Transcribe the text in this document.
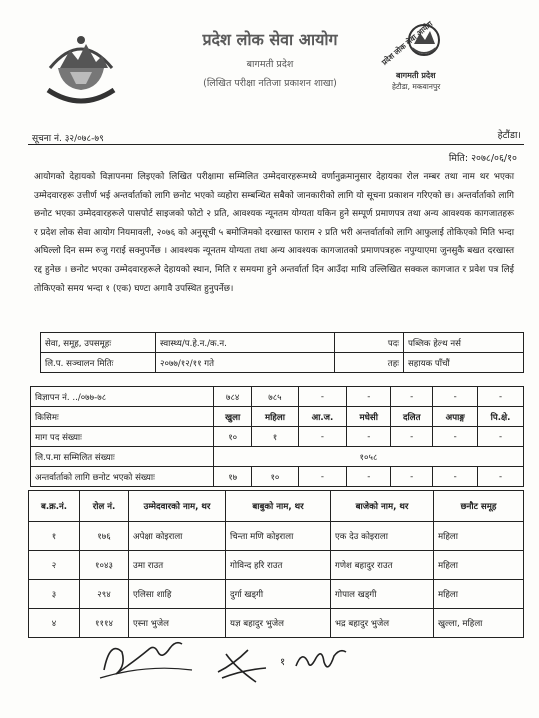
प्रदेश लोक सेवा आयोग
बागमती प्रदेश
(लिखित परीक्षा नतिजा प्रकाशन शाखा)
प्रदेश लोक सेवा आयोग
बागमती प्रदेश
हेटौडा, मकवानपुर
सूचना नं. ३२/०७८-७९	हेटौंडा।
मिति: २०७८/०६/१०
आयोगको देहायको विज्ञापनमा लिइएको लिखित परीक्षामा सम्मिलित उम्मेदवारहरूमध्ये वर्णानुक्रमानुसार देहायका रोल नम्बर तथा नाम थर भएका उम्मेदवारहरू उत्तीर्ण भई अन्तर्वार्ताको लागि छनोट भएको व्यहोरा सम्बन्धित सबैको जानकारीको लागि यो सूचना प्रकाशन गरिएको छ। अन्तर्वार्ताको लागि छनोट भएका उम्मेदवारहरूले पासपोर्ट साइजको फोटो २ प्रति, आवश्यक न्यूनतम योग्यता यकिन हुने सम्पूर्ण प्रमाणपत्र तथा अन्य आवश्यक कागजातहरू र प्रदेश लोक सेवा आयोग नियमावली, २०७६ को अनुसूची ५ बमोजिमको दरखास्त फाराम २ प्रति भरी अन्तर्वार्ताको लागि आफुलाई तोकिएको मिति भन्दा अघिल्लो दिन सम्म रुजु गराई सक्नुपर्नेछ । आवश्यक न्यूनतम योग्यता तथा अन्य आवश्यक कागजातको प्रमाणपत्रहरू नपुग्याएमा जुनसुकै बखत दरखास्त रद्द हुनेछ । छनोट भएका उम्मेदवारहरूले देहायको स्थान, मिति र समयमा हुने अन्तर्वार्ता दिन आउँदा माथि उल्लिखित सक्कल कागजात र प्रवेश पत्र लिई तोकिएको समय भन्दा १ (एक) घण्टा अगावै उपस्थित हुनुपर्नेछ।
सेवा, समूह, उपसमूहः	स्वास्थ्य/प.हे.न./क.न.	पदः	पब्लिक हेल्थ नर्स
लि.प. सञ्चालन मितिः	२०७७/१२/११ गते	तहः	सहायक पाँचौं
विज्ञापन नं. ../०७७-७८	७८४	७८५	-	-	-	-	-
किसिमः	खुला	महिला	आ.ज.	मधेसी	दलित	अपाङ्ग	पि.क्षे.
माग पद संख्याः	१०	१	-	-	-	-	-
लि.प.मा सम्मिलित संख्याः	१०५८						
अन्तर्वार्ताको लागि छनोट भएको संख्याः	१७	१०	-	-	-	-	-
ब.क्र.नं.	रोल नं.	उम्मेदवारको नाम, थर	बाबुको नाम, थर	बाजेको नाम, थर	छनौट समूह
१	१७६	अपेक्षा कोइराला	चिन्ता मणि कोइराला	एक देउ कोइराला	महिला
२	१०४३	उमा राउत	गोविन्द हरि राउत	गणेश बहादुर राउत	महिला
३	२९४	एलिसा शाहि	दुर्गा खड्गी	गोपाल खड्गी	महिला
४	१११४	एस्ना भुजेल	यज्ञ बहादुर भुजेल	भद्र बहादुर भुजेल	खुल्ला, महिला
१
